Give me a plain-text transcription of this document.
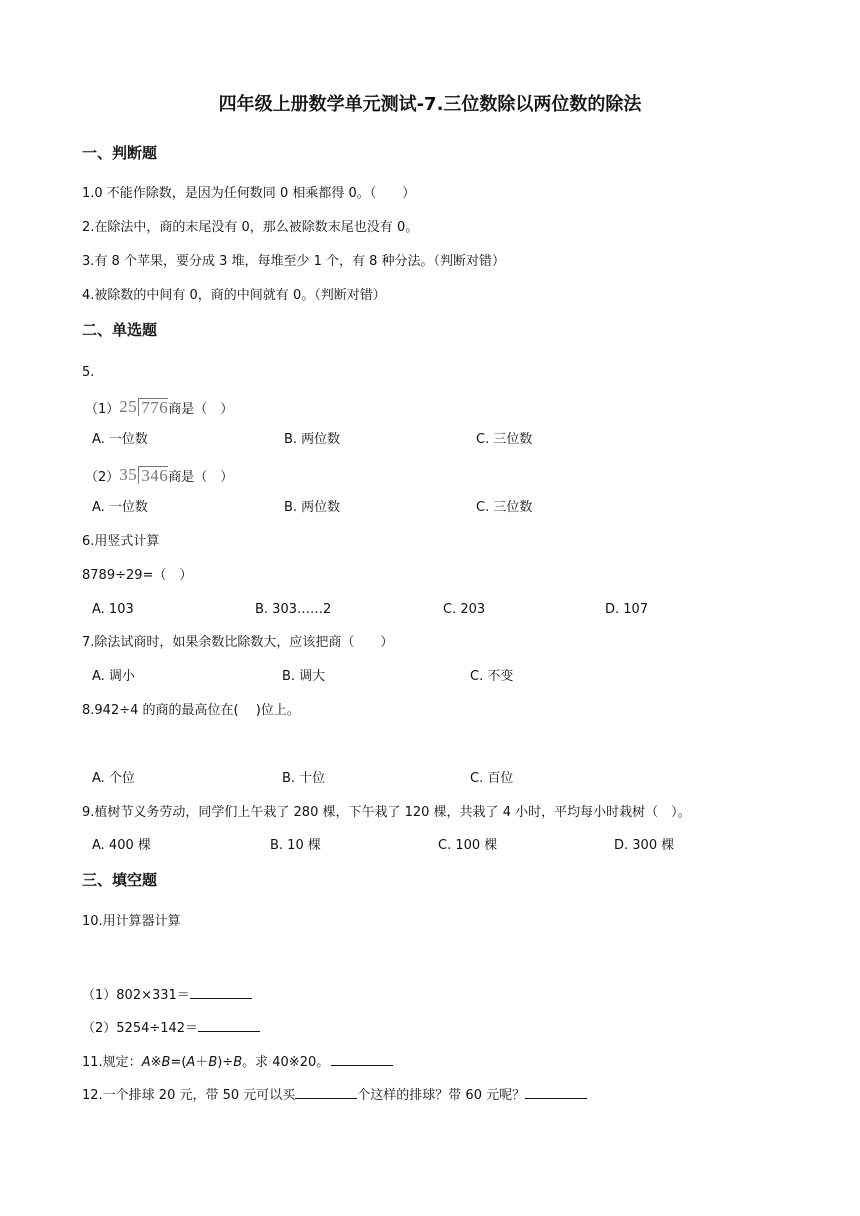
四年级上册数学单元测试-7.三位数除以两位数的除法
一、判断题
1.0 不能作除数，是因为任何数同 0 相乘都得 0。（　　）
2.在除法中，商的末尾没有 0，那么被除数末尾也没有 0。
3.有 8 个苹果，要分成 3 堆，每堆至少 1 个，有 8 种分法。（判断对错）
4.被除数的中间有 0，商的中间就有 0。（判断对错）
二、单选题
5.
（1） 25 776 商是（　）
A. 一位数	B. 两位数	C. 三位数
（2） 35 346 商是（　）
A. 一位数	B. 两位数	C. 三位数
6.用竖式计算
8789÷29=（　）
A. 103	B. 303……2	C. 203	D. 107
7.除法试商时，如果余数比除数大，应该把商（　　）
A. 调小	B. 调大	C. 不变
8.942÷4 的商的最高位在(　 )位上。
A. 个位	B. 十位	C. 百位
9.植树节义务劳动，同学们上午栽了 280 棵，下午栽了 120 棵，共栽了 4 小时，平均每小时栽树（　）。
A. 400 棵	B. 10 棵	C. 100 棵	D. 300 棵
三、填空题
10.用计算器计算
（1）802×331＝
（2）5254÷142＝
11.规定：A※B=(A＋B)÷B。求 40※20。
12.一个排球 20 元，带 50 元可以买	个这样的排球？带 60 元呢？
